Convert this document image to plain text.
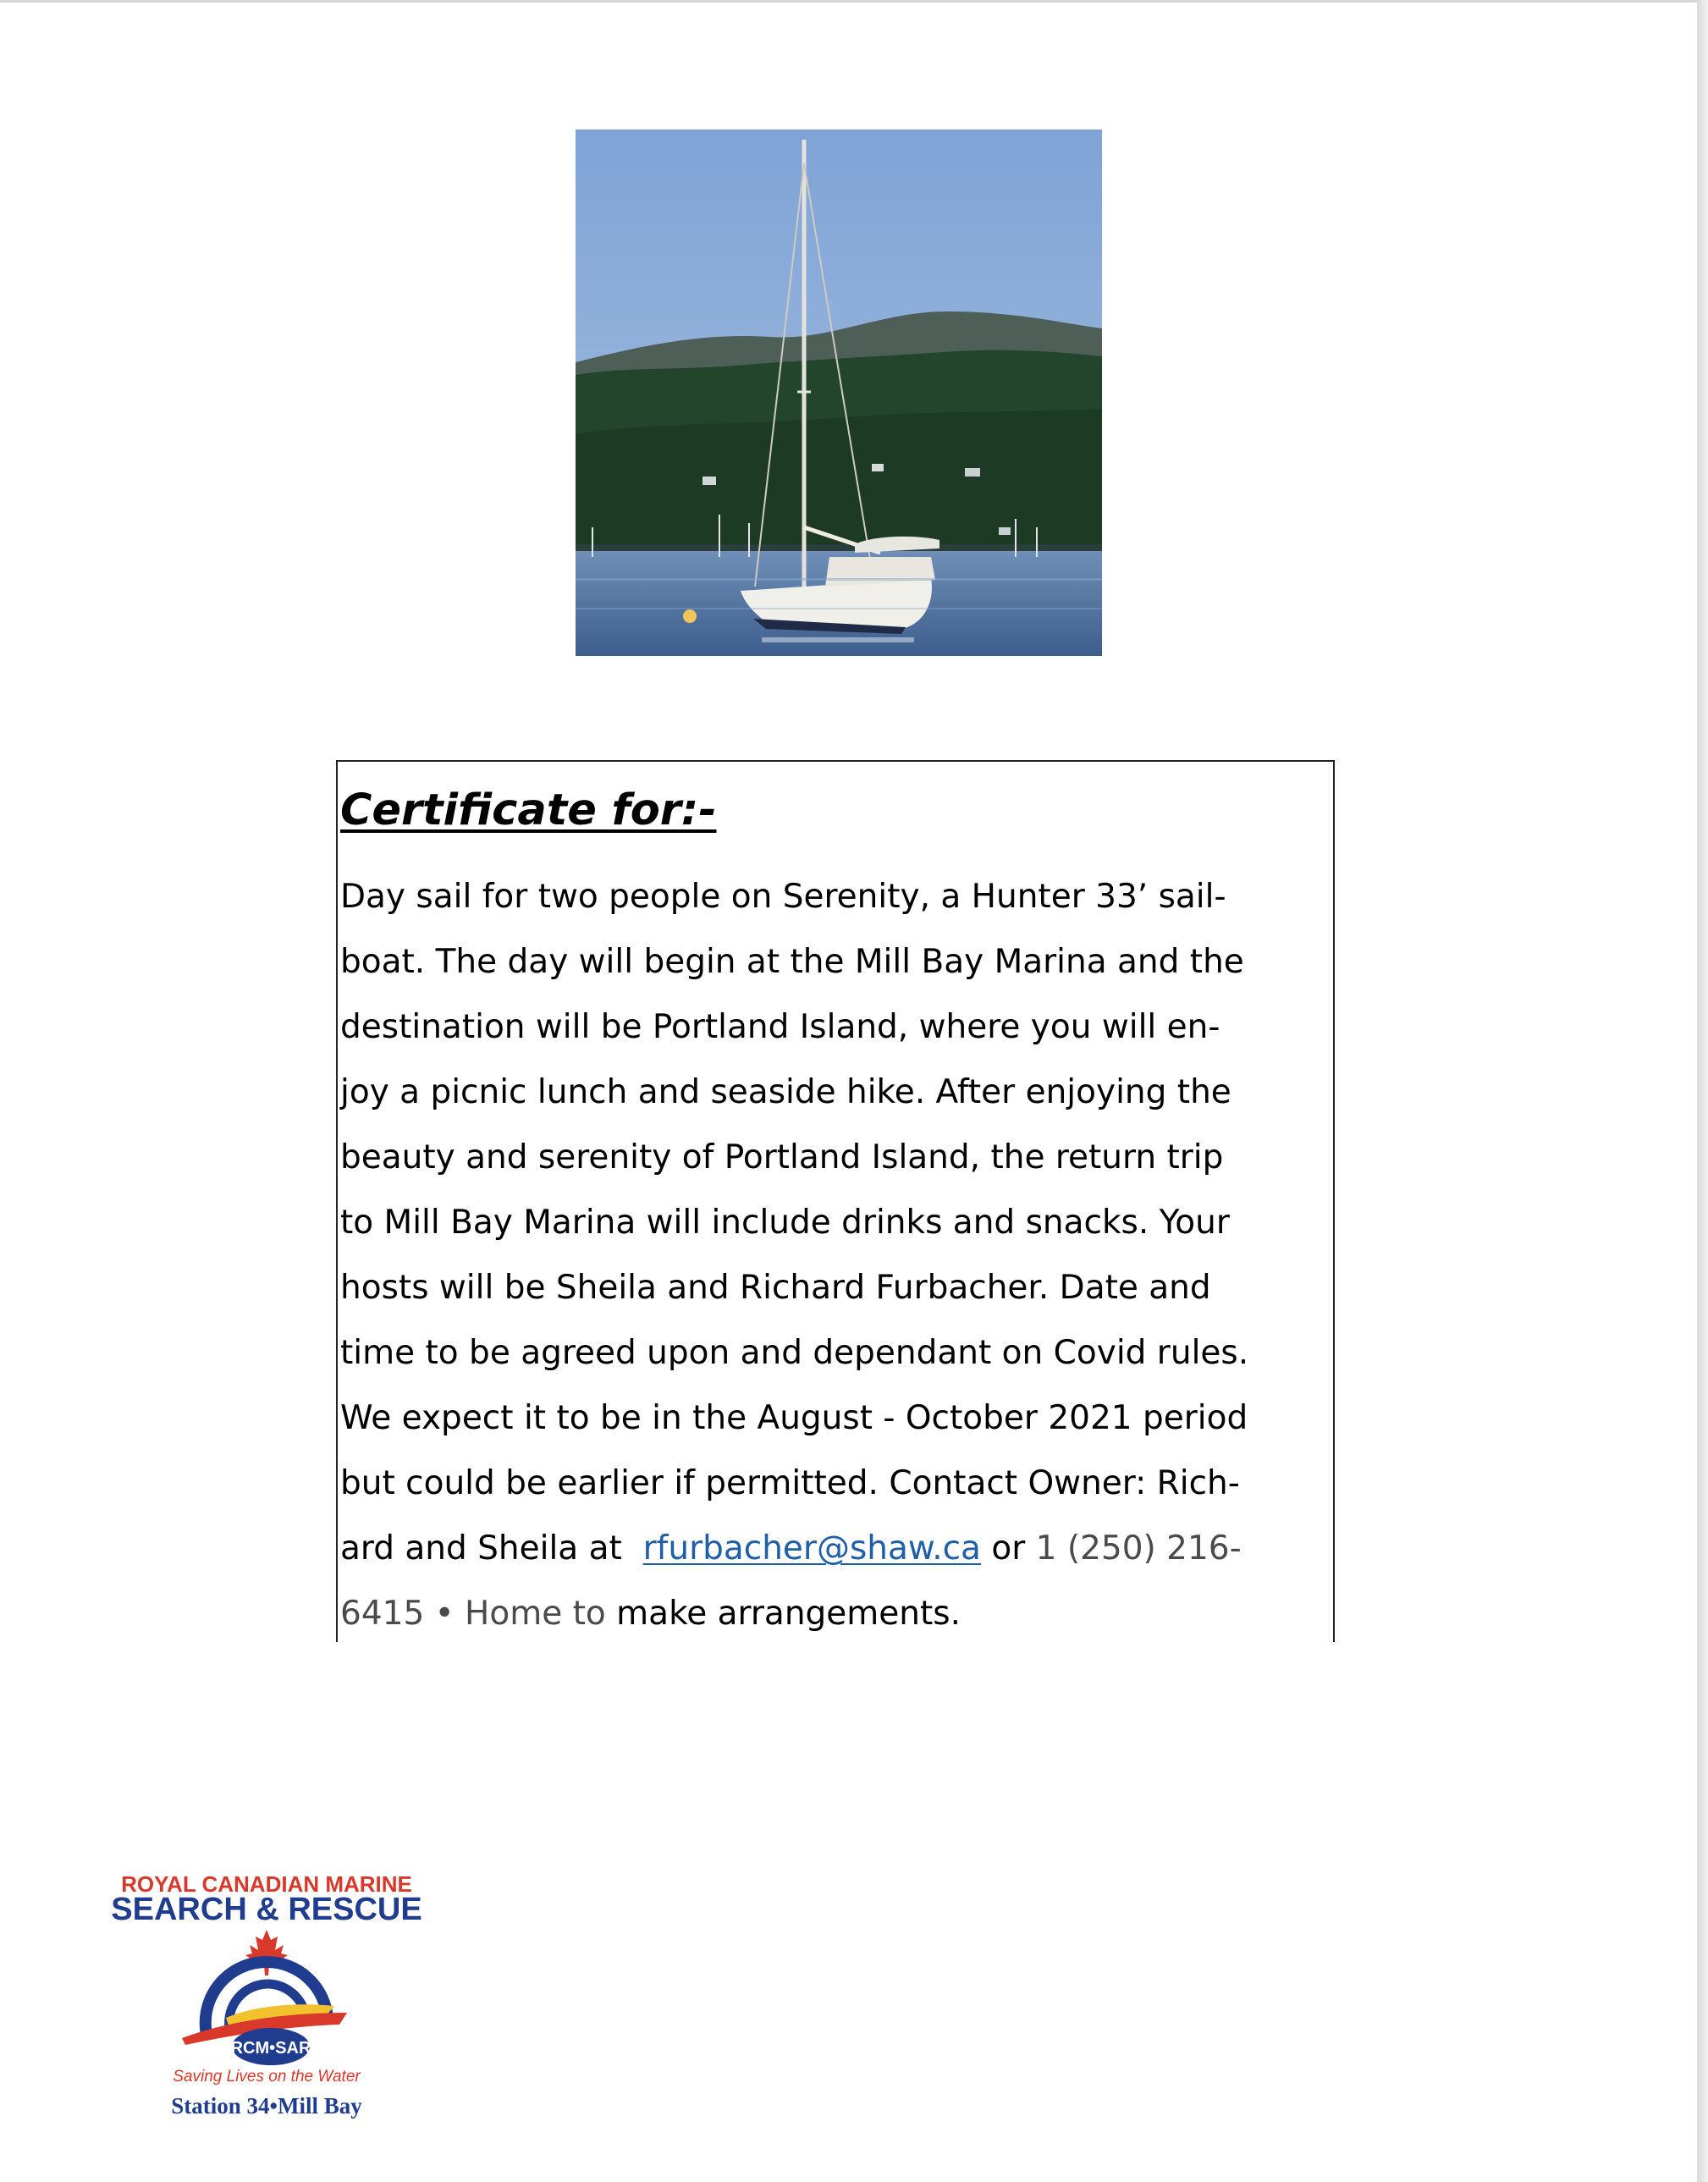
Certificate for:-
Day sail for two people on Serenity, a Hunter 33’ sail-
boat. The day will begin at the Mill Bay Marina and the
destination will be Portland Island, where you will en-
joy a picnic lunch and seaside hike. After enjoying the
beauty and serenity of Portland Island, the return trip
to Mill Bay Marina will include drinks and snacks. Your
hosts will be Sheila and Richard Furbacher. Date and
time to be agreed upon and dependant on Covid rules.
We expect it to be in the August - October 2021 period
but could be earlier if permitted. Contact Owner: Rich-
ard and Sheila at  rfurbacher@shaw.ca or 1 (250) 216-
6415 • Home to make arrangements.
ROYAL CANADIAN MARINE
SEARCH & RESCUE
RCM•SAR
Saving Lives on the Water
Station 34•Mill Bay
